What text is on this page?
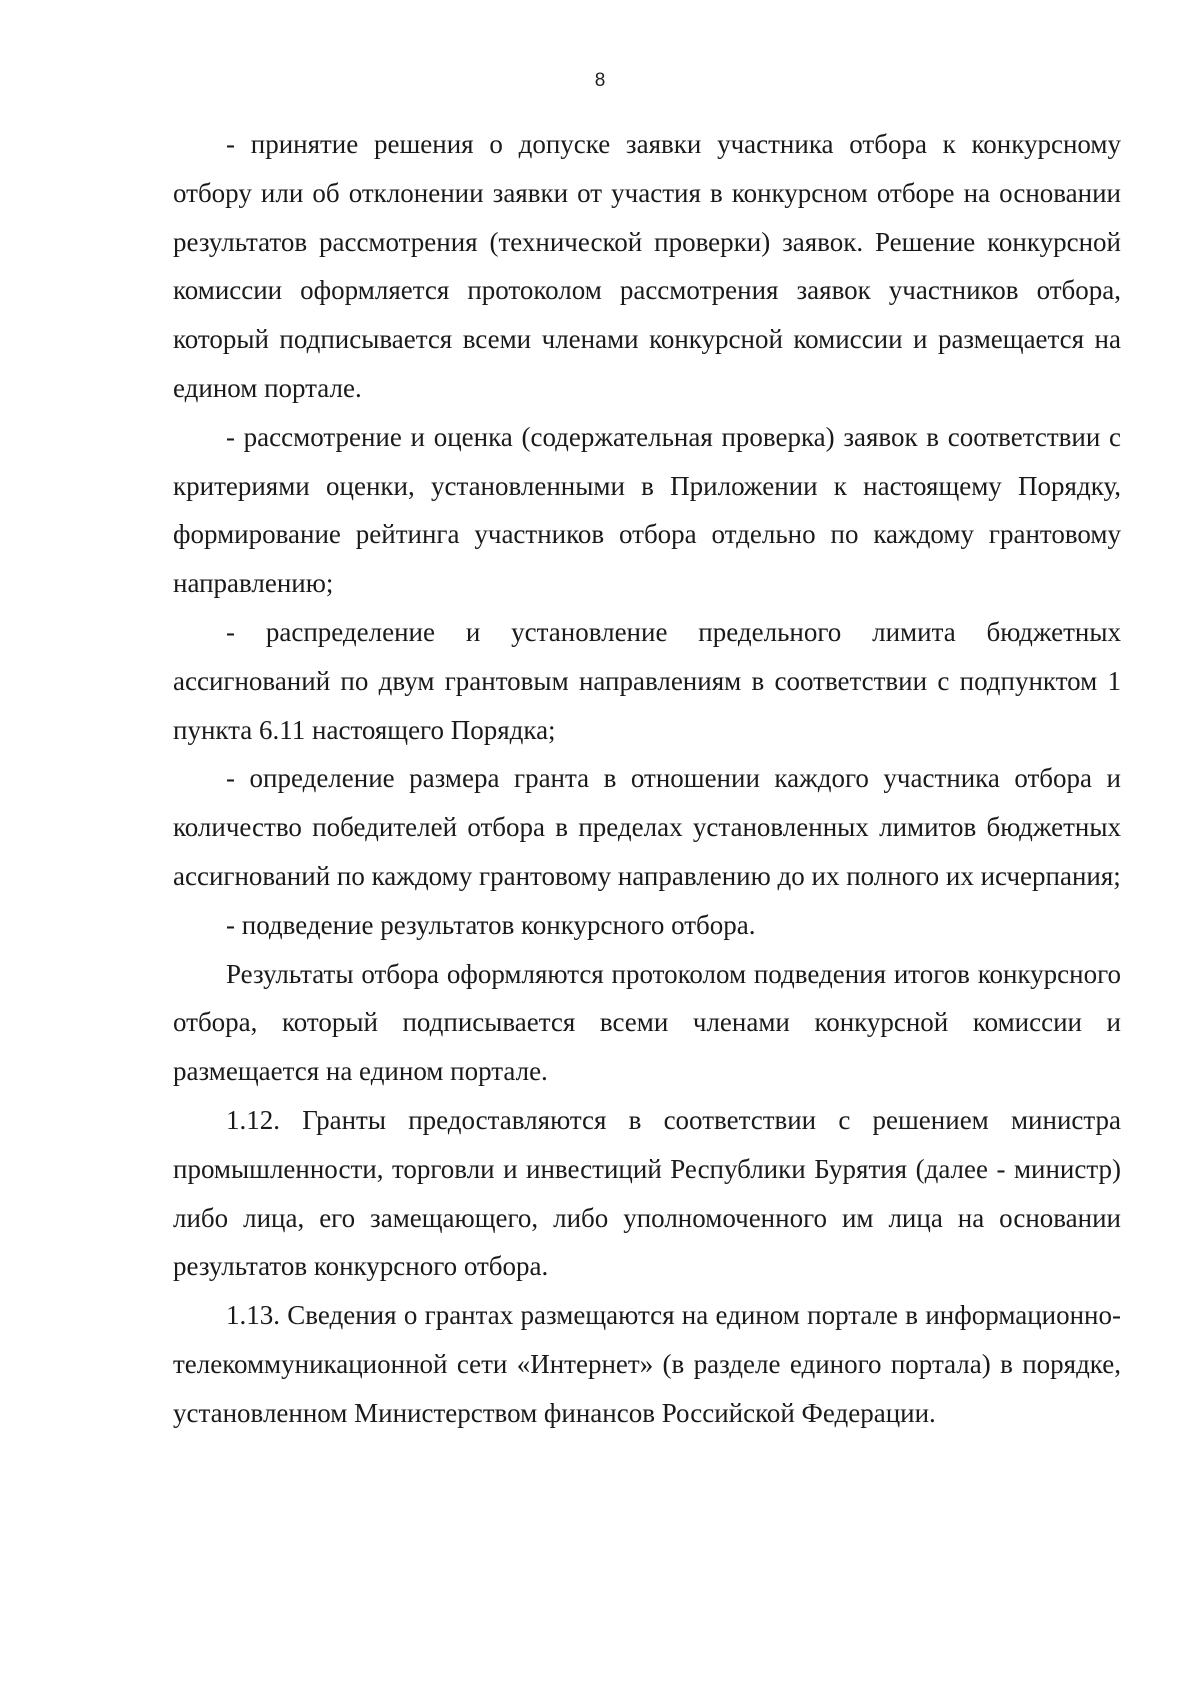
8

- принятие решения о допуске заявки участника отбора к конкурсному отбору или об отклонении заявки от участия в конкурсном отборе на основании результатов рассмотрения (технической проверки) заявок. Решение конкурсной комиссии оформляется протоколом рассмотрения заявок участников отбора, который подписывается всеми членами конкурсной комиссии и размещается на едином портале.

- рассмотрение и оценка (содержательная проверка) заявок в соответствии с критериями оценки, установленными в Приложении к настоящему Порядку, формирование рейтинга участников отбора отдельно по каждому грантовому направлению;

- распределение и установление предельного лимита бюджетных ассигнований по двум грантовым направлениям в соответствии с подпунктом 1 пункта 6.11 настоящего Порядка;

- определение размера гранта в отношении каждого участника отбора и количество победителей отбора в пределах установленных лимитов бюджетных ассигнований по каждому грантовому направлению до их полного их исчерпания;

- подведение результатов конкурсного отбора.

Результаты отбора оформляются протоколом подведения итогов конкурсного отбора, который подписывается всеми членами конкурсной комиссии и размещается на едином портале.

1.12. Гранты предоставляются в соответствии с решением министра промышленности, торговли и инвестиций Республики Бурятия (далее - министр) либо лица, его замещающего, либо уполномоченного им лица на основании результатов конкурсного отбора.

1.13. Сведения о грантах размещаются на едином портале в информационно-телекоммуникационной сети «Интернет» (в разделе единого портала) в порядке, установленном Министерством финансов Российской Федерации.
